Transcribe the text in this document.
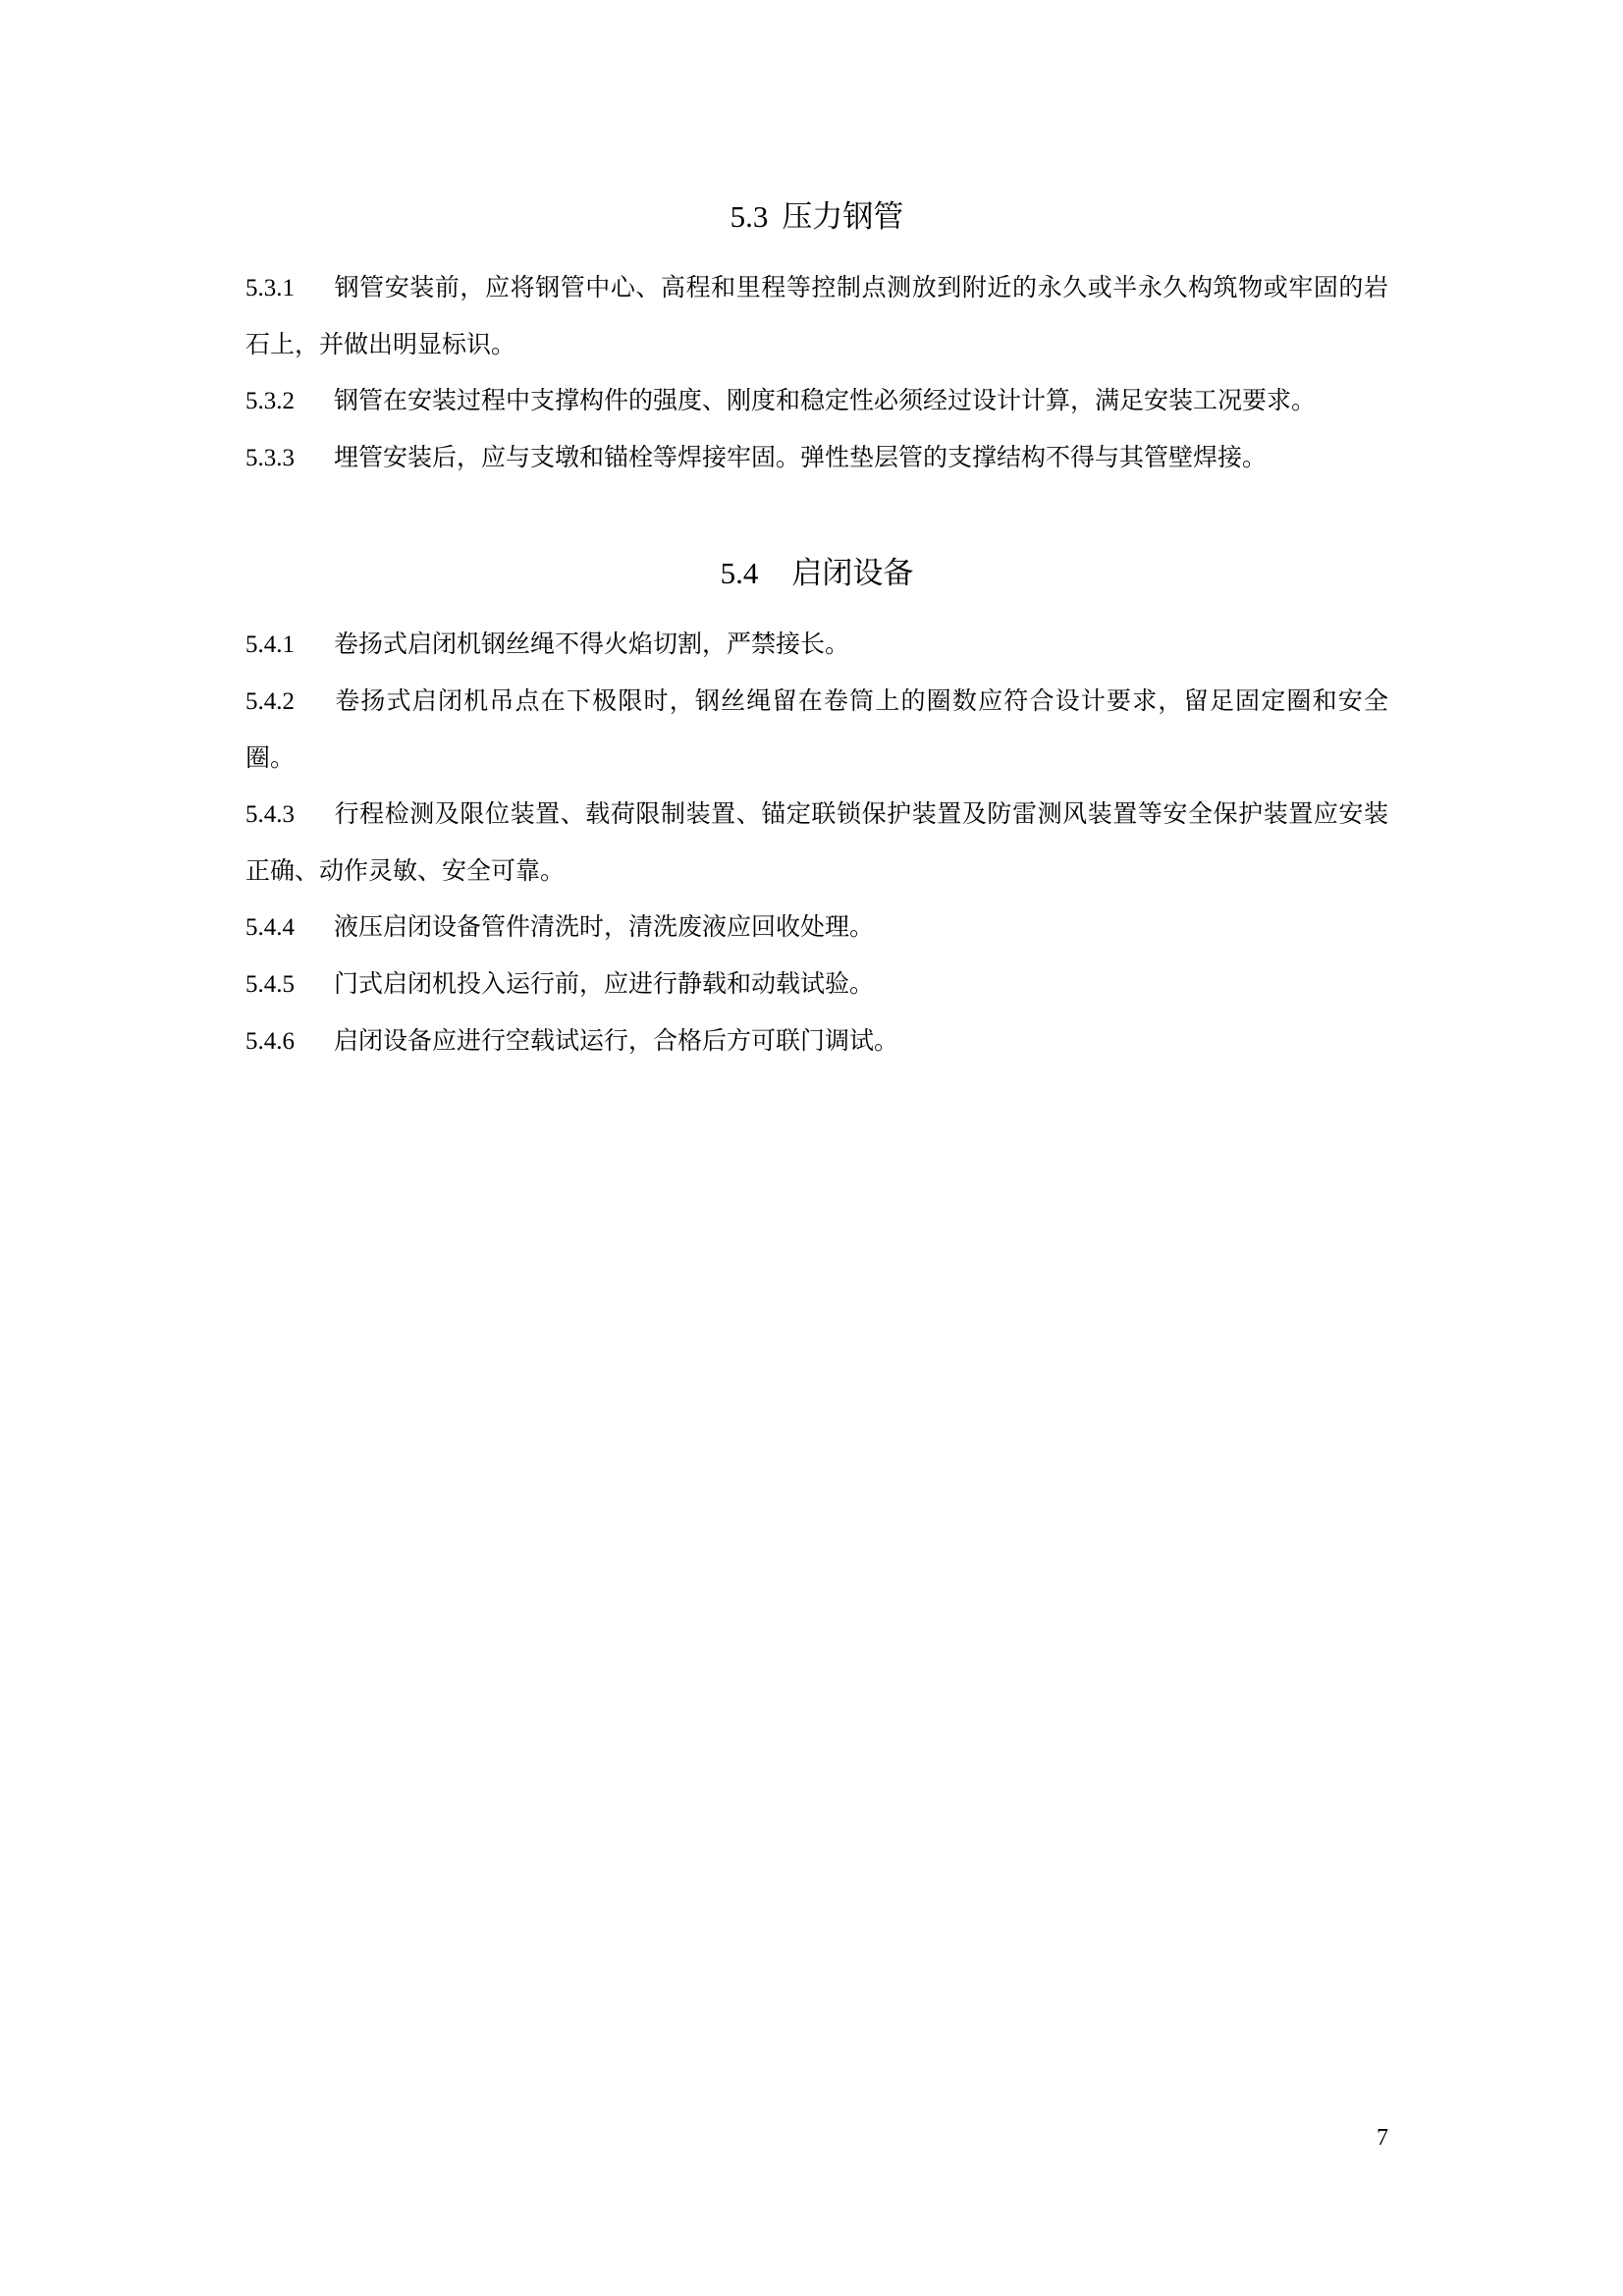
5.3 压力钢管

5.3.1 钢管安装前，应将钢管中心、高程和里程等控制点测放到附近的永久或半永久构筑物或牢固的岩石上，并做出明显标识。

5.3.2 钢管在安装过程中支撑构件的强度、刚度和稳定性必须经过设计计算，满足安装工况要求。

5.3.3 埋管安装后，应与支墩和锚栓等焊接牢固。弹性垫层管的支撑结构不得与其管壁焊接。

5.4 启闭设备

5.4.1 卷扬式启闭机钢丝绳不得火焰切割，严禁接长。

5.4.2 卷扬式启闭机吊点在下极限时，钢丝绳留在卷筒上的圈数应符合设计要求，留足固定圈和安全圈。

5.4.3 行程检测及限位装置、载荷限制装置、锚定联锁保护装置及防雷测风装置等安全保护装置应安装正确、动作灵敏、安全可靠。

5.4.4 液压启闭设备管件清洗时，清洗废液应回收处理。

5.4.5 门式启闭机投入运行前，应进行静载和动载试验。

5.4.6 启闭设备应进行空载试运行，合格后方可联门调试。

7
